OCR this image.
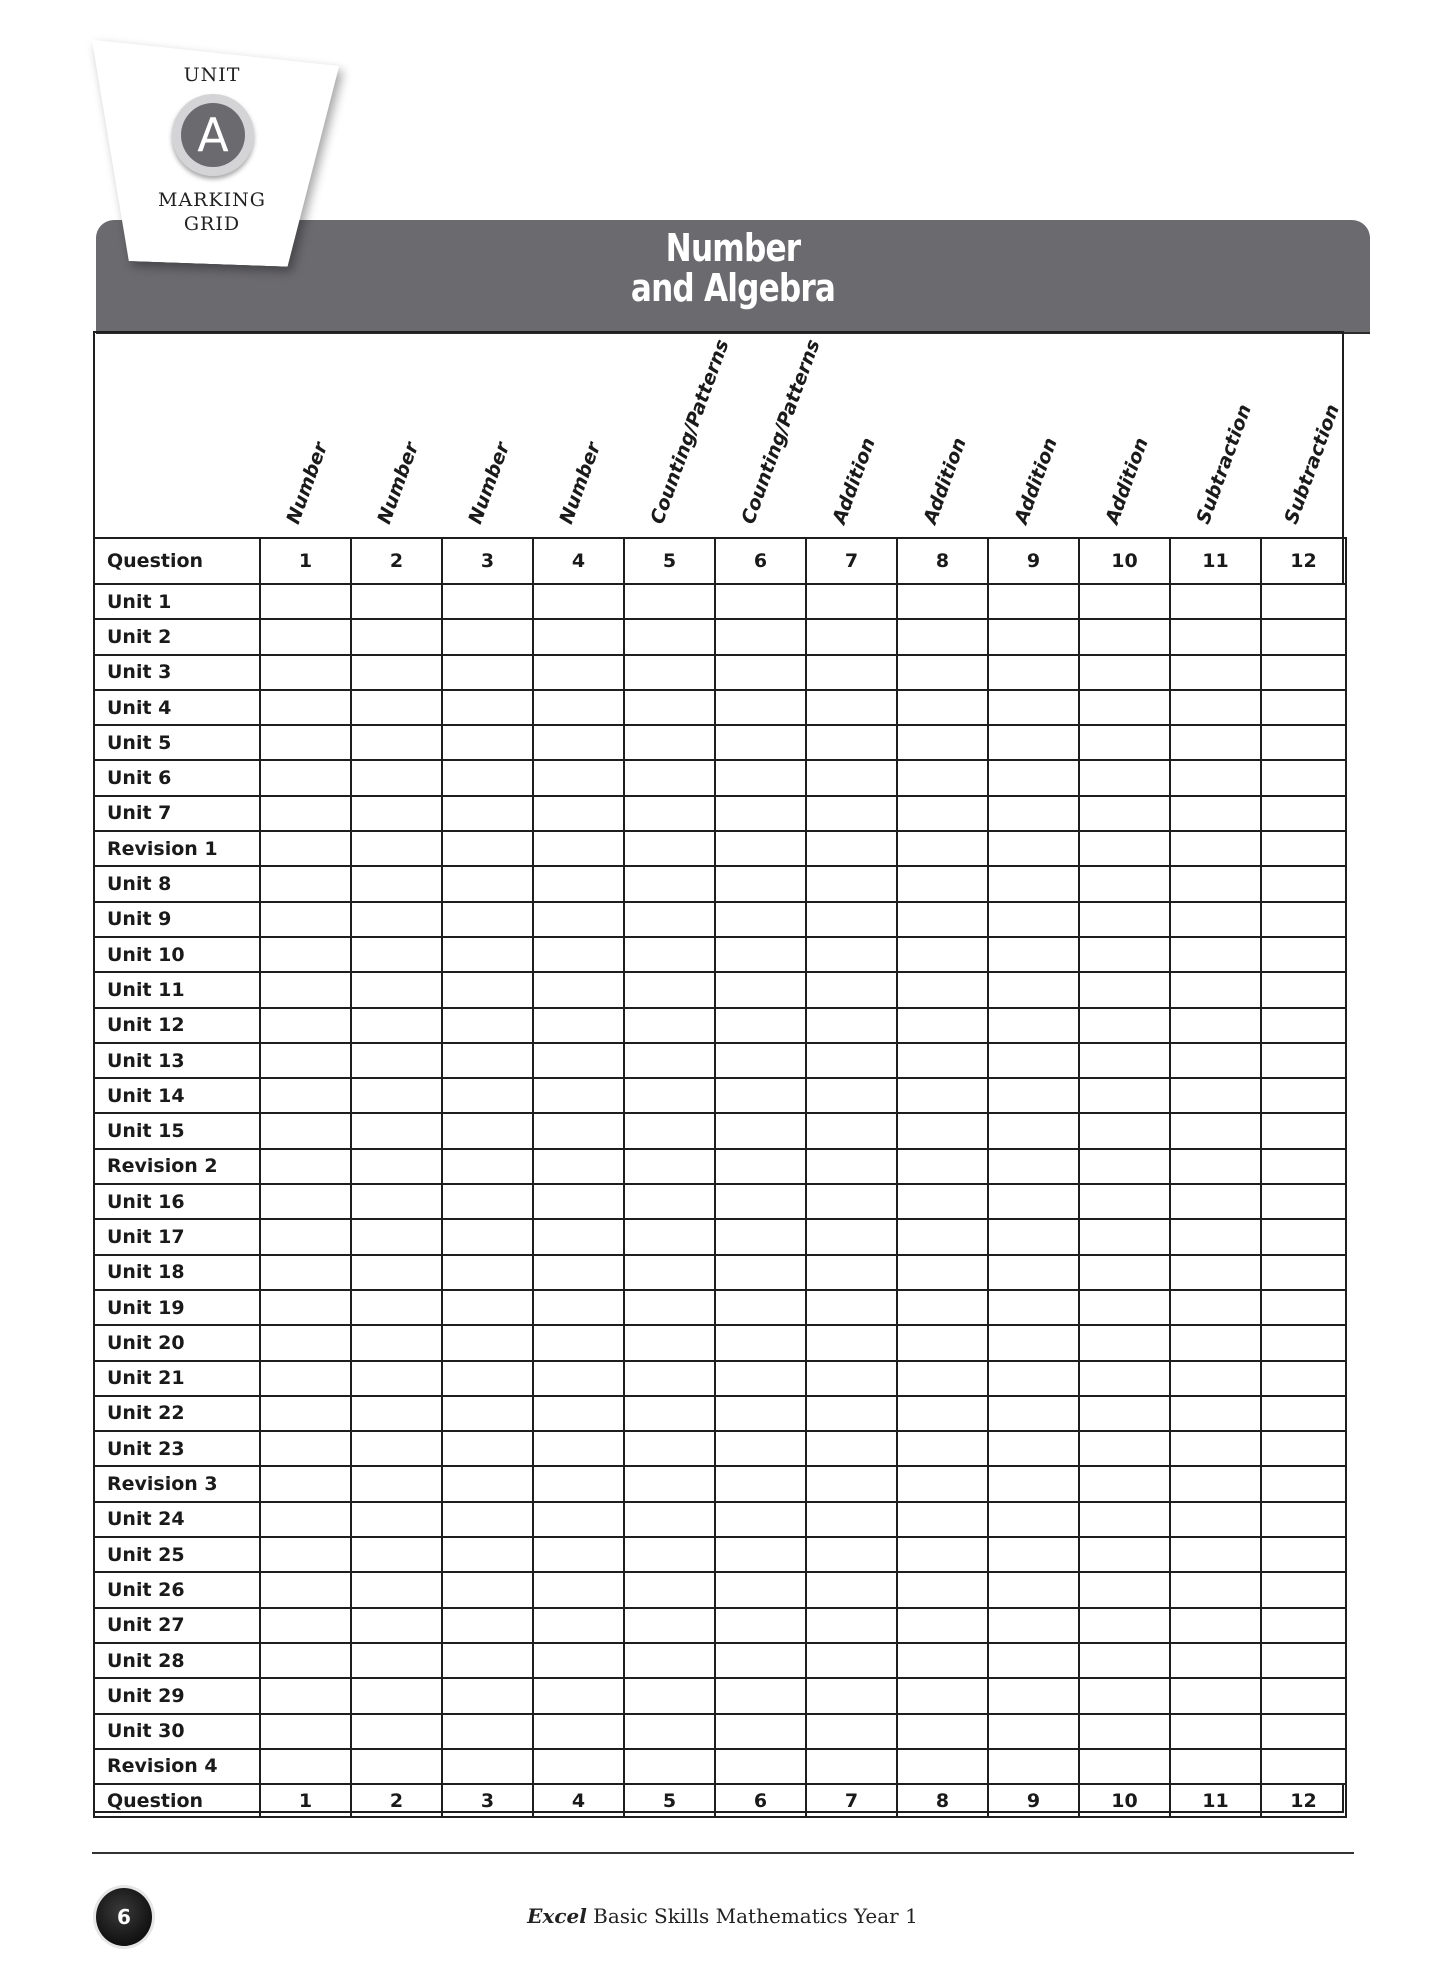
Number
and Algebra
UNIT
A
MARKING
GRID
Number Number Number Number Counting/Patterns Counting/Patterns Addition Addition Addition Addition Subtraction Subtraction
Question	1	2	3	4	5	6	7	8	9	10	11	12
Unit 1												
Unit 2												
Unit 3												
Unit 4												
Unit 5												
Unit 6												
Unit 7												
Revision 1												
Unit 8												
Unit 9												
Unit 10												
Unit 11												
Unit 12												
Unit 13												
Unit 14												
Unit 15												
Revision 2												
Unit 16												
Unit 17												
Unit 18												
Unit 19												
Unit 20												
Unit 21												
Unit 22												
Unit 23												
Revision 3												
Unit 24												
Unit 25												
Unit 26												
Unit 27												
Unit 28												
Unit 29												
Unit 30												
Revision 4												
Question	1	2	3	4	5	6	7	8	9	10	11	12
6	Excel Basic Skills Mathematics Year 1
